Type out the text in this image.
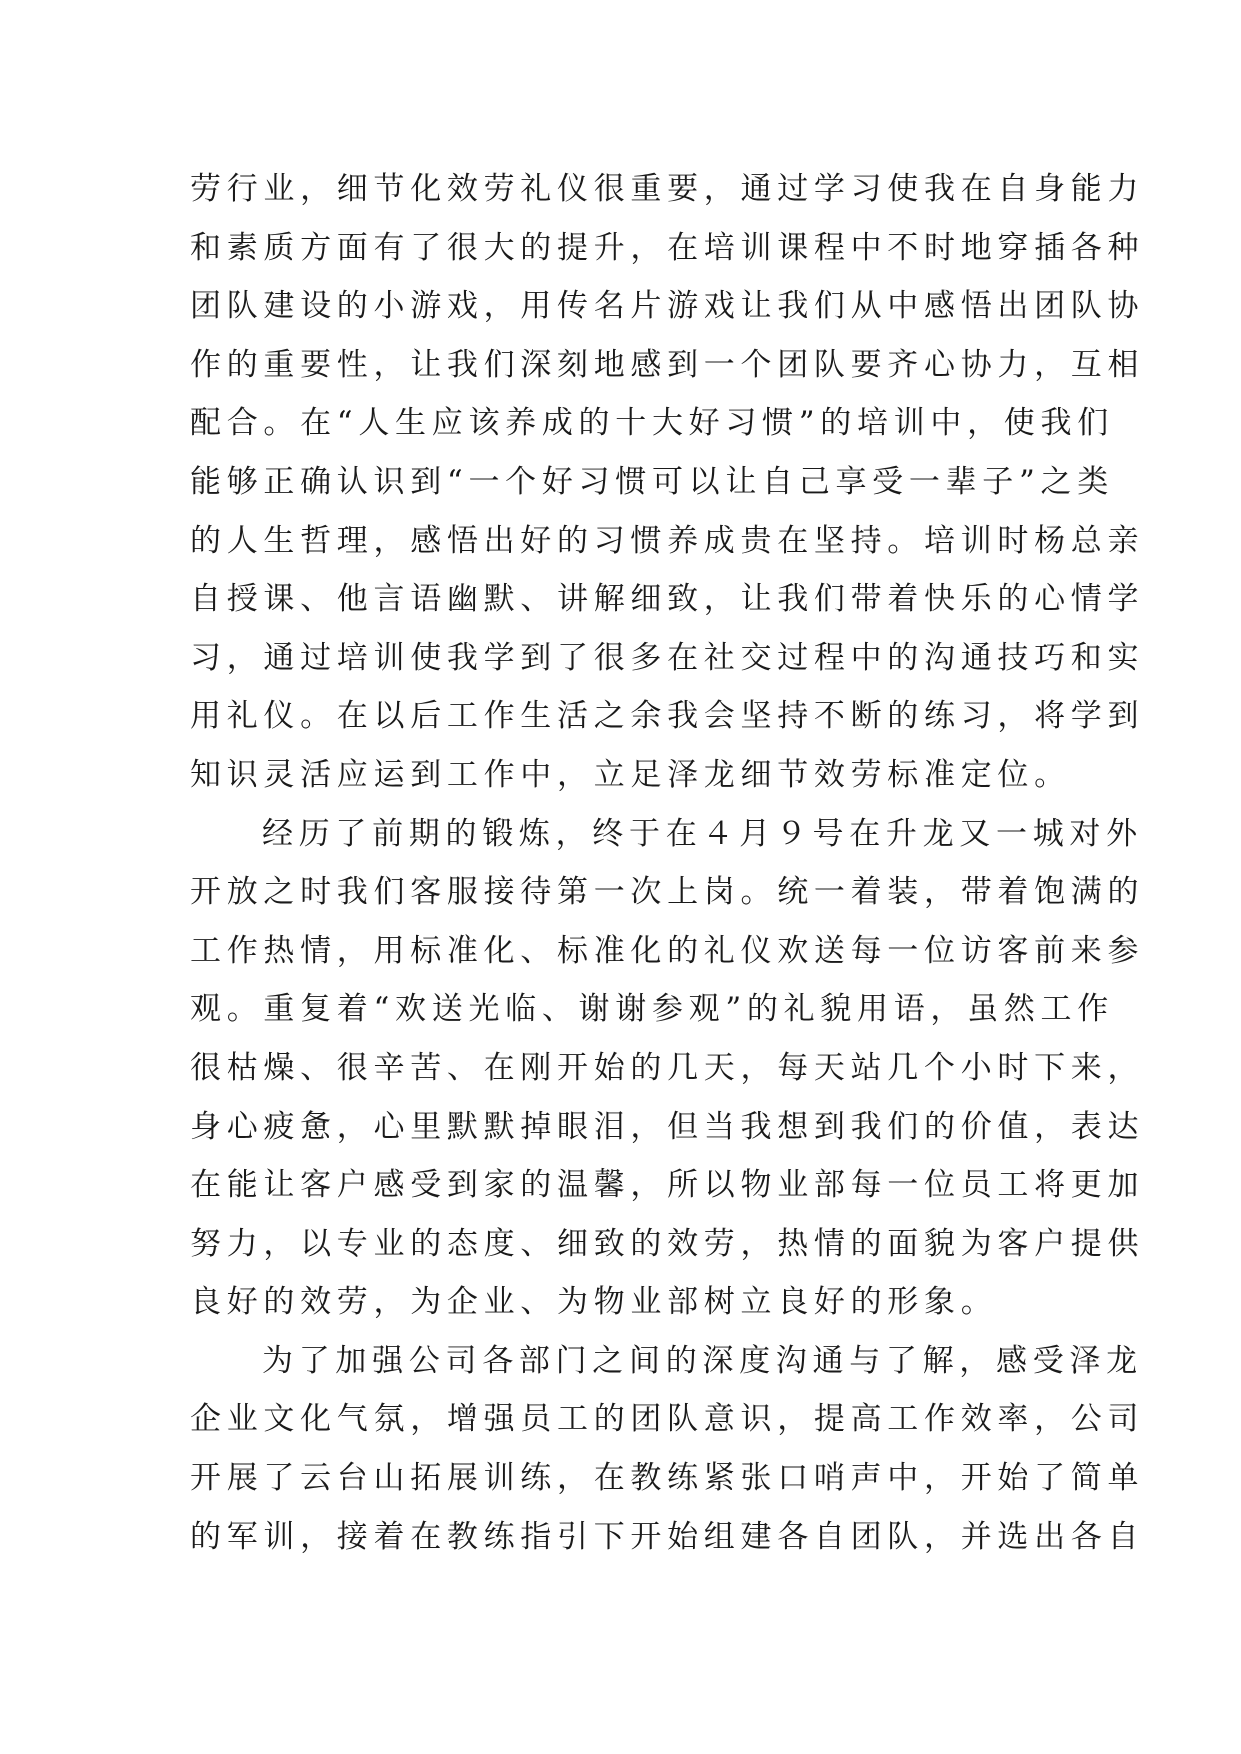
劳行业，细节化效劳礼仪很重要，通过学习使我在自身能力
和素质方面有了很大的提升，在培训课程中不时地穿插各种
团队建设的小游戏，用传名片游戏让我们从中感悟出团队协
作的重要性，让我们深刻地感到一个团队要齐心协力，互相
配合。在“人生应该养成的十大好习惯”的培训中，使我们
能够正确认识到“一个好习惯可以让自己享受一辈子”之类
的人生哲理，感悟出好的习惯养成贵在坚持。培训时杨总亲
自授课、他言语幽默、讲解细致，让我们带着快乐的心情学
习，通过培训使我学到了很多在社交过程中的沟通技巧和实
用礼仪。在以后工作生活之余我会坚持不断的练习，将学到
知识灵活应运到工作中，立足泽龙细节效劳标准定位。
经历了前期的锻炼，终于在４月９号在升龙又一城对外
开放之时我们客服接待第一次上岗。统一着装，带着饱满的
工作热情，用标准化、标准化的礼仪欢送每一位访客前来参
观。重复着“欢送光临、谢谢参观”的礼貌用语，虽然工作
很枯燥、很辛苦、在刚开始的几天，每天站几个小时下来，
身心疲惫，心里默默掉眼泪，但当我想到我们的价值，表达
在能让客户感受到家的温馨，所以物业部每一位员工将更加
努力，以专业的态度、细致的效劳，热情的面貌为客户提供
良好的效劳，为企业、为物业部树立良好的形象。
为了加强公司各部门之间的深度沟通与了解，感受泽龙
企业文化气氛，增强员工的团队意识，提高工作效率，公司
开展了云台山拓展训练，在教练紧张口哨声中，开始了简单
的军训，接着在教练指引下开始组建各自团队，并选出各自
